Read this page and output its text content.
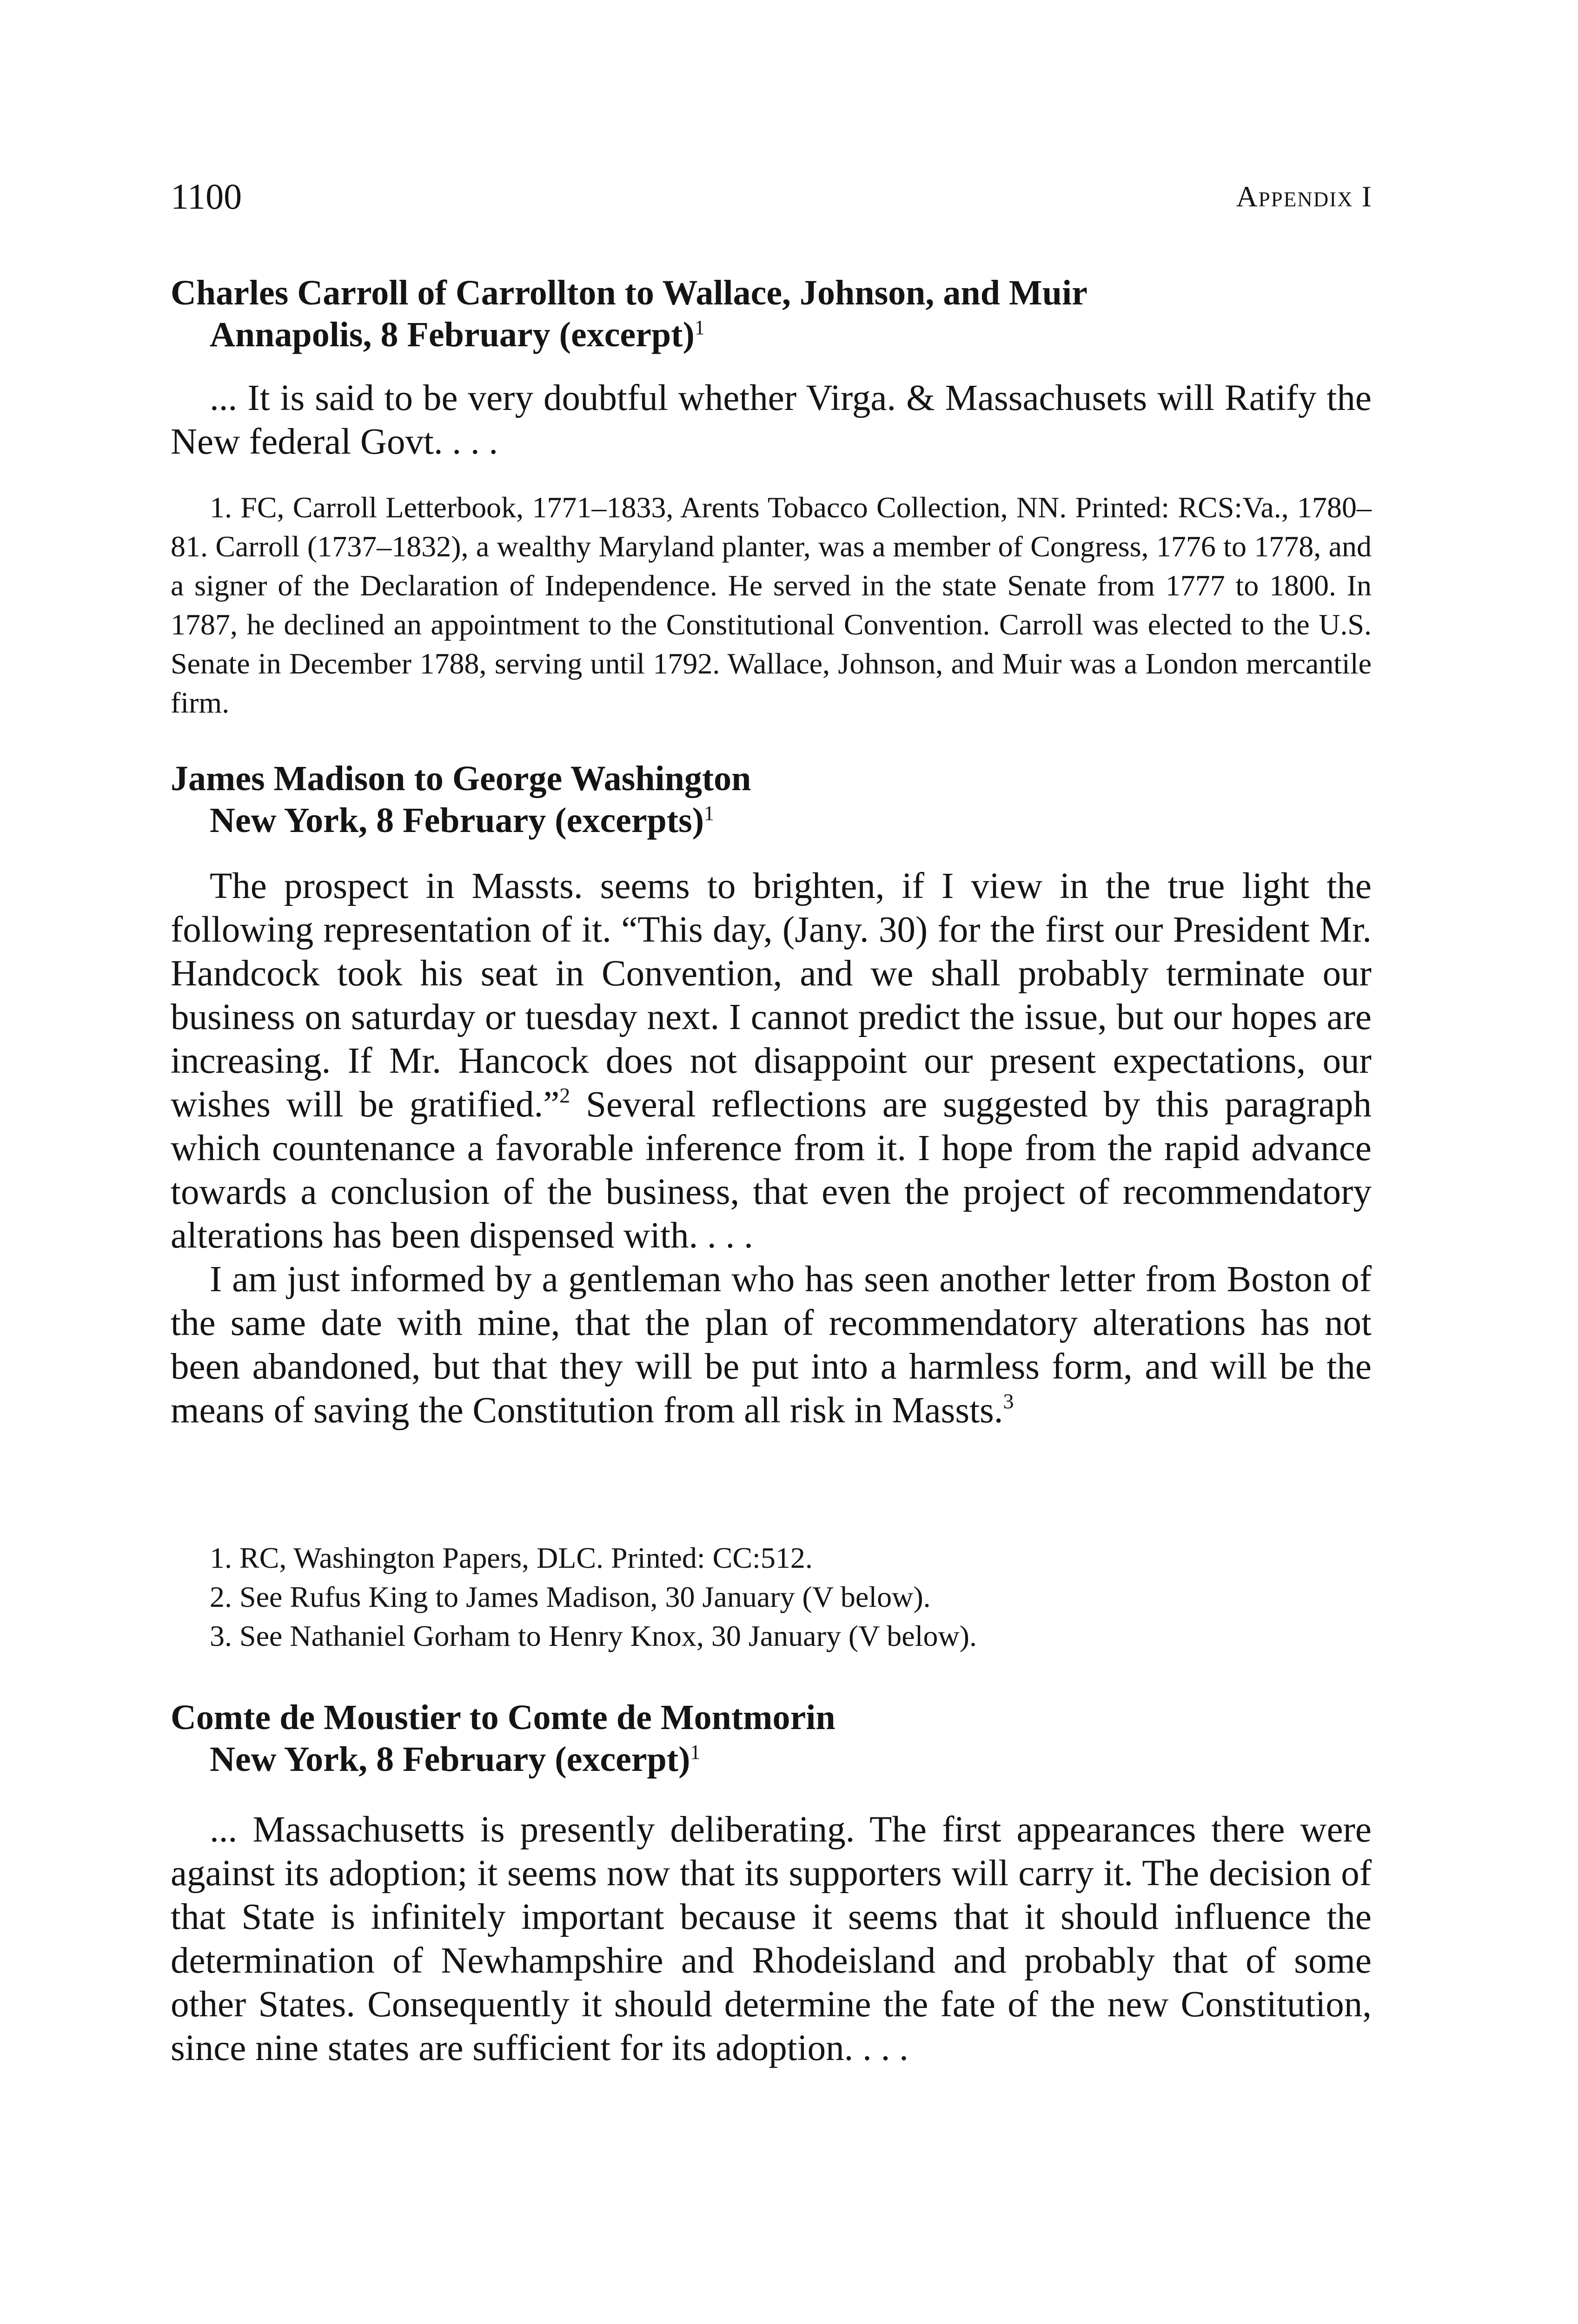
1100	Appendix I
Charles Carroll of Carrollton to Wallace, Johnson, and Muir
Annapolis, 8 February (excerpt)$^1$

... It is said to be very doubtful whether Virga. & Massachusets will Ratify the New federal Govt. . . .

1. FC, Carroll Letterbook, 1771–1833, Arents Tobacco Collection, NN. Printed: RCS:Va., 1780–81. Carroll (1737–1832), a wealthy Maryland planter, was a member of Congress, 1776 to 1778, and a signer of the Declaration of Independence. He served in the state Senate from 1777 to 1800. In 1787, he declined an appointment to the Constitutional Convention. Carroll was elected to the U.S. Senate in December 1788, serving until 1792. Wallace, Johnson, and Muir was a London mercantile firm.

James Madison to George Washington
New York, 8 February (excerpts)$^1$

The prospect in Massts. seems to brighten, if I view in the true light the following representation of it. “This day, (Jany. 30) for the first our President Mr. Handcock took his seat in Convention, and we shall probably terminate our business on saturday or tuesday next. I cannot predict the issue, but our hopes are increasing. If Mr. Hancock does not disappoint our present expectations, our wishes will be gratified.”$^2$ Several reflections are suggested by this paragraph which countenance a favorable inference from it. I hope from the rapid advance towards a conclusion of the business, that even the project of recommendatory alterations has been dispensed with. . . .

I am just informed by a gentleman who has seen another letter from Boston of the same date with mine, that the plan of recommendatory alterations has not been abandoned, but that they will be put into a harmless form, and will be the means of saving the Constitution from all risk in Massts.$^3$

1. RC, Washington Papers, DLC. Printed: CC:512.

2. See Rufus King to James Madison, 30 January (V below).

3. See Nathaniel Gorham to Henry Knox, 30 January (V below).

Comte de Moustier to Comte de Montmorin
New York, 8 February (excerpt)$^1$

... Massachusetts is presently deliberating. The first appearances there were against its adoption; it seems now that its supporters will carry it. The decision of that State is infinitely important because it seems that it should influence the determination of Newhampshire and Rhodeisland and probably that of some other States. Consequently it should determine the fate of the new Constitution, since nine states are sufficient for its adoption. . . .
